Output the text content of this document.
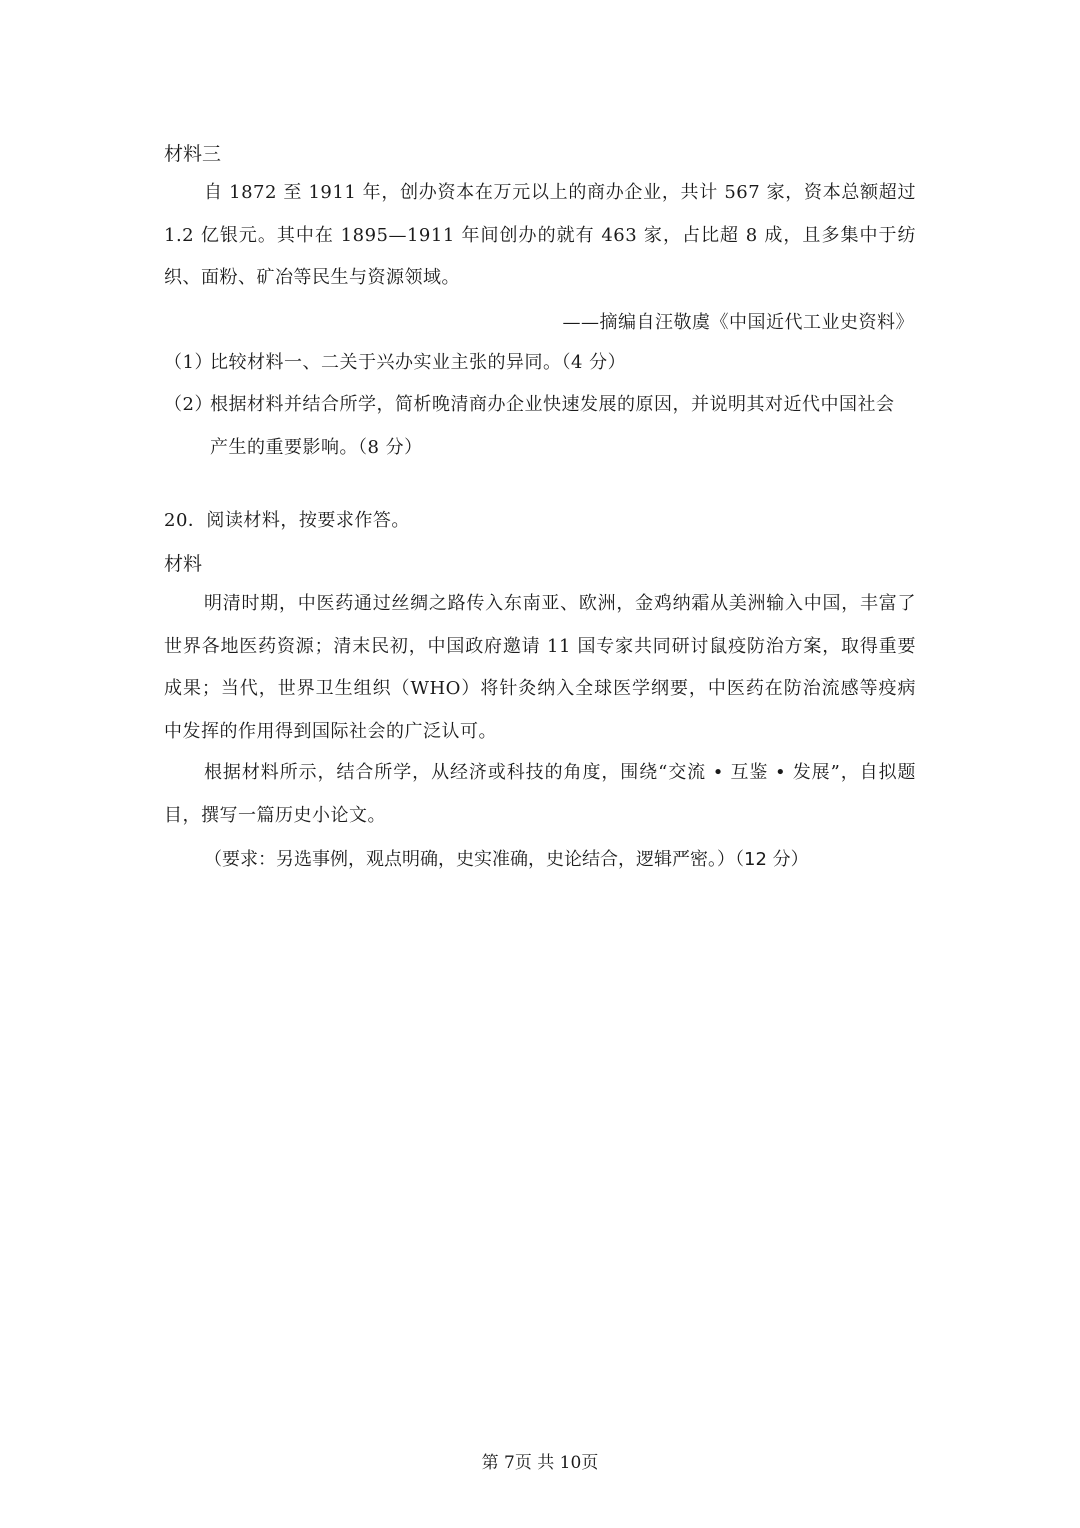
材料三

自 1872 至 1911 年，创办资本在万元以上的商办企业，共计 567 家，资本总额超过 1.2 亿银元。其中在 1895—1911 年间创办的就有 463 家，占比超 8 成，且多集中于纺织、面粉、矿冶等民生与资源领域。

——摘编自汪敬虞《中国近代工业史资料》

（1）比较材料一、二关于兴办实业主张的异同。（4 分）
（2）根据材料并结合所学，简析晚清商办企业快速发展的原因，并说明其对近代中国社会
产生的重要影响。（8 分）

20．阅读材料，按要求作答。

材料

明清时期，中医药通过丝绸之路传入东南亚、欧洲，金鸡纳霜从美洲输入中国，丰富了世界各地医药资源；清末民初，中国政府邀请 11 国专家共同研讨鼠疫防治方案，取得重要成果；当代，世界卫生组织（WHO）将针灸纳入全球医学纲要，中医药在防治流感等疫病中发挥的作用得到国际社会的广泛认可。

根据材料所示，结合所学，从经济或科技的角度，围绕“交流 • 互鉴 • 发展”，自拟题目，撰写一篇历史小论文。

（要求：另选事例，观点明确，史实准确，史论结合，逻辑严密。）（12 分）

第 7页 共 10页
